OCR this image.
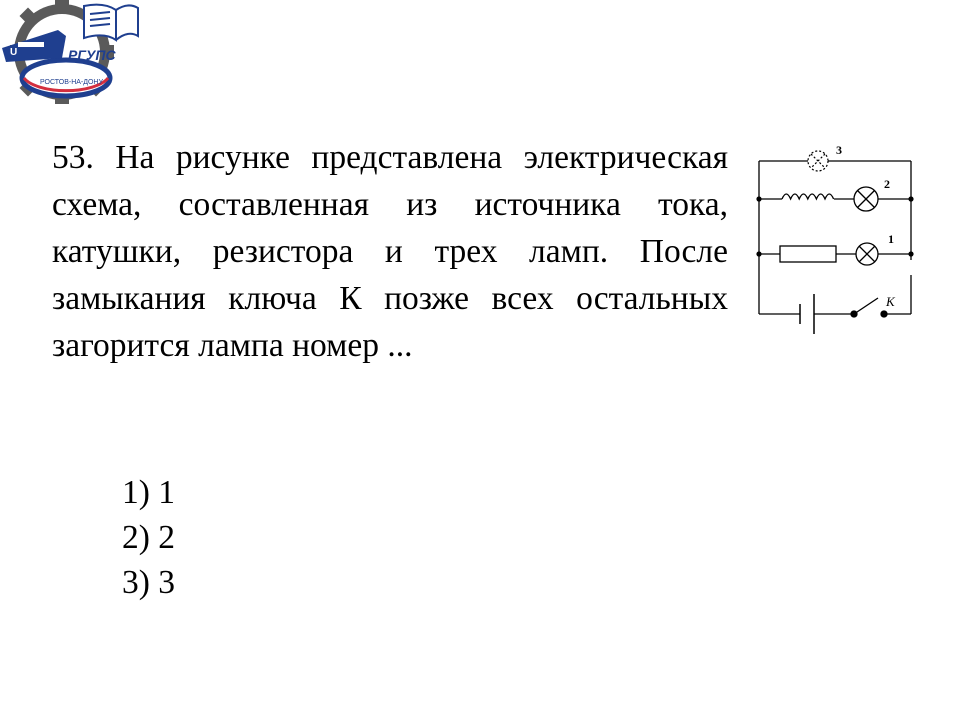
U	РГУПС
РОСТОВ-НА-ДОНУ

53. На рисунке представлена электрическая схема, составленная из источника тока, катушки, резистора и трех ламп. После замыкания ключа К позже всех остальных загорится лампа номер ...

1) 1
2) 2
3) 3
3
2
1
K
